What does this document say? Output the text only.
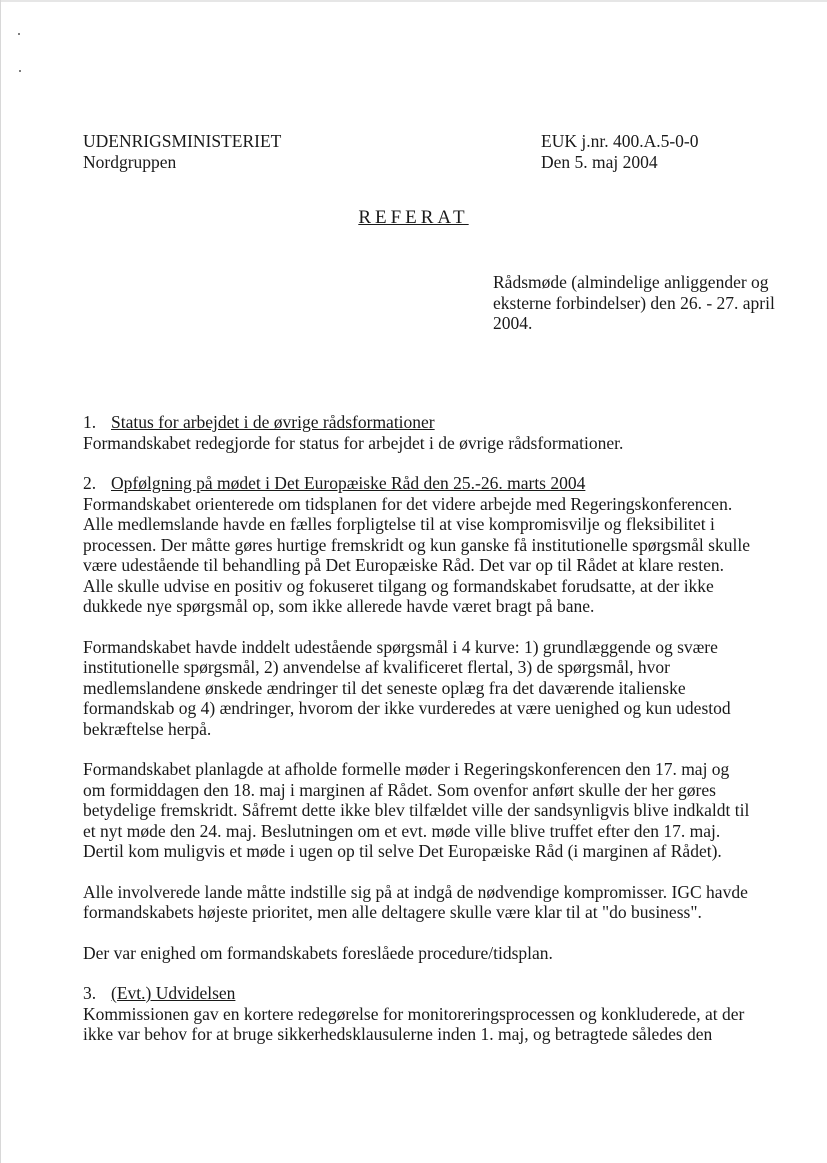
UDENRIGSMINISTERIET
Nordgruppen
EUK j.nr. 400.A.5-0-0
Den 5. maj 2004
REFERAT
Rådsmøde (almindelige anliggender og eksterne forbindelser) den 26. - 27. april 2004.
1. Status for arbejdet i de øvrige rådsformationer
Formandskabet redegjorde for status for arbejdet i de øvrige rådsformationer.
2. Opfølgning på mødet i Det Europæiske Råd den 25.-26. marts 2004

Formandskabet orienterede om tidsplanen for det videre arbejde med Regeringskonferencen. Alle medlemslande havde en fælles forpligtelse til at vise kompromisvilje og fleksibilitet i processen. Der måtte gøres hurtige fremskridt og kun ganske få institutionelle spørgsmål skulle være udestående til behandling på Det Europæiske Råd. Det var op til Rådet at klare resten. Alle skulle udvise en positiv og fokuseret tilgang og formandskabet forudsatte, at der ikke dukkede nye spørgsmål op, som ikke allerede havde været bragt på bane.

Formandskabet havde inddelt udestående spørgsmål i 4 kurve: 1) grundlæggende og svære institutionelle spørgsmål, 2) anvendelse af kvalificeret flertal, 3) de spørgsmål, hvor medlemslandene ønskede ændringer til det seneste oplæg fra det daværende italienske formandskab og 4) ændringer, hvorom der ikke vurderedes at være uenighed og kun udestod bekræftelse herpå.

Formandskabet planlagde at afholde formelle møder i Regeringskonferencen den 17. maj og om formiddagen den 18. maj i marginen af Rådet. Som ovenfor anført skulle der her gøres betydelige fremskridt. Såfremt dette ikke blev tilfældet ville der sandsynligvis blive indkaldt til et nyt møde den 24. maj. Beslutningen om et evt. møde ville blive truffet efter den 17. maj. Dertil kom muligvis et møde i ugen op til selve Det Europæiske Råd (i marginen af Rådet).

Alle involverede lande måtte indstille sig på at indgå de nødvendige kompromisser. IGC havde formandskabets højeste prioritet, men alle deltagere skulle være klar til at "do business".

Der var enighed om formandskabets foreslåede procedure/tidsplan.

3. (Evt.) Udvidelsen
Kommissionen gav en kortere redegørelse for monitoreringsprocessen og konkluderede, at der ikke var behov for at bruge sikkerhedsklausulerne inden 1. maj, og betragtede således den
